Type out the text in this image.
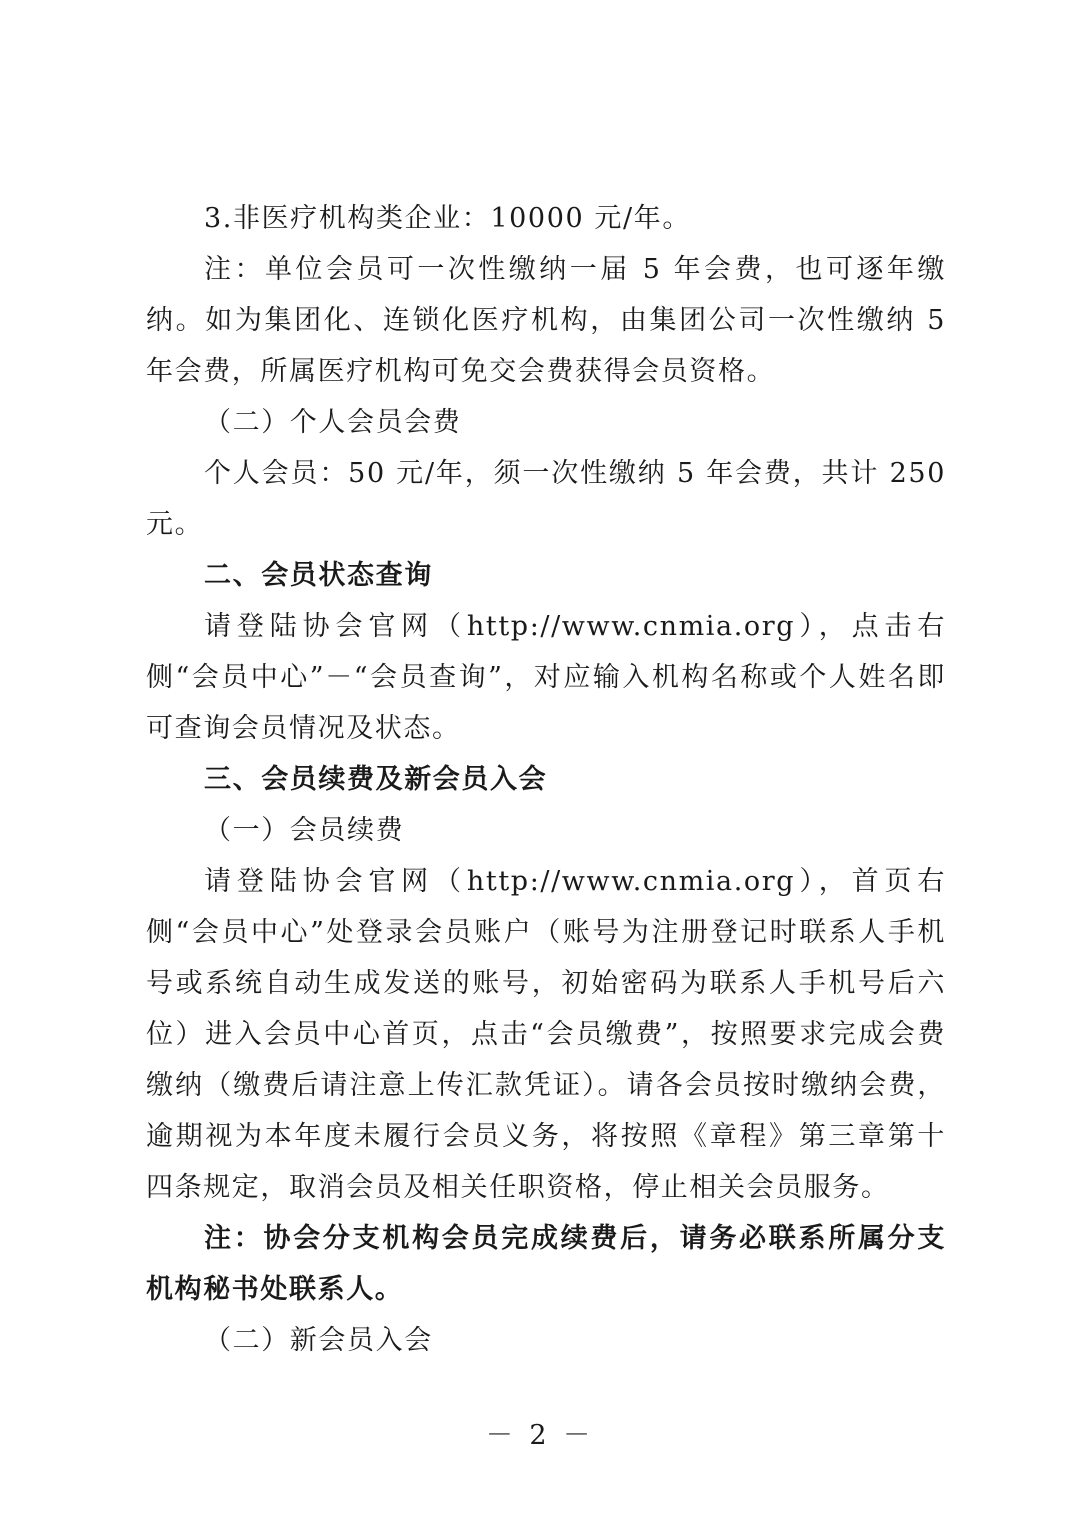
3.非医疗机构类企业：10000 元/年。

注：单位会员可一次性缴纳一届 5 年会费，也可逐年缴纳。如为集团化、连锁化医疗机构，由集团公司一次性缴纳 5 年会费，所属医疗机构可免交会费获得会员资格。

（二）个人会员会费

个人会员：50 元/年，须一次性缴纳 5 年会费，共计 250 元。

二、会员状态查询

请登陆协会官网（http://www.cnmia.org），点击右侧“会员中心”－“会员查询”，对应输入机构名称或个人姓名即可查询会员情况及状态。

三、会员续费及新会员入会

（一）会员续费

请登陆协会官网（http://www.cnmia.org），首页右侧“会员中心”处登录会员账户（账号为注册登记时联系人手机号或系统自动生成发送的账号，初始密码为联系人手机号后六位）进入会员中心首页，点击“会员缴费”，按照要求完成会费缴纳（缴费后请注意上传汇款凭证）。请各会员按时缴纳会费，逾期视为本年度未履行会员义务，将按照《章程》第三章第十四条规定，取消会员及相关任职资格，停止相关会员服务。

注：协会分支机构会员完成续费后，请务必联系所属分支机构秘书处联系人。

（二）新会员入会

－ 2 －
